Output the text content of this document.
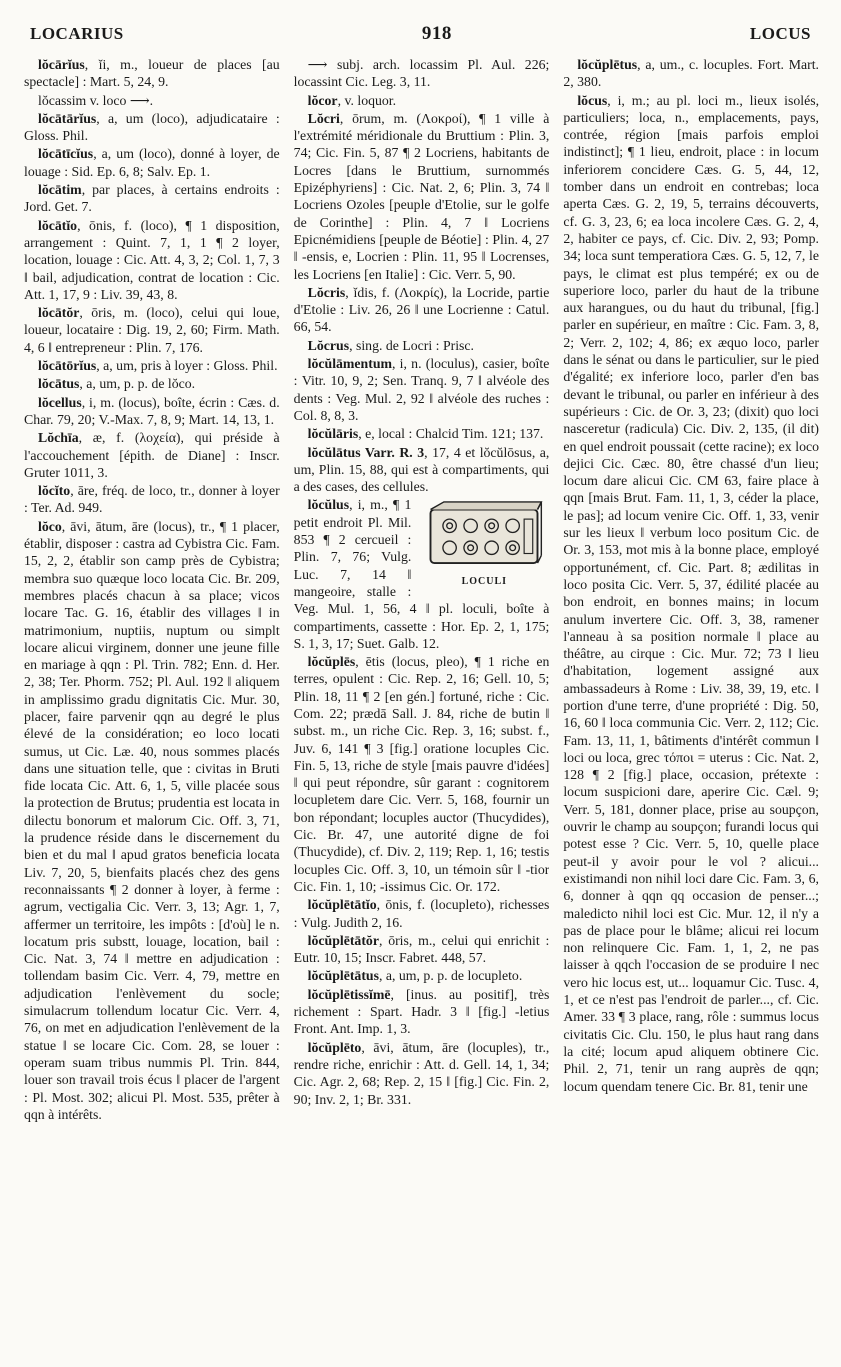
LOCARIUS	918	LOCUS

lŏcārĭus, ĭi, m., loueur de places [au spectacle] : Mart. 5, 24, 9.

lŏcassim v. loco ⟶.

lŏcātārĭus, a, um (loco), adjudicataire : Gloss. Phil.

lŏcātīcĭus, a, um (loco), donné à loyer, de louage : Sid. Ep. 6, 8; Salv. Ep. 1.

lŏcātim, par places, à certains endroits : Jord. Get. 7.

lŏcātĭo, ōnis, f. (loco), ¶ 1 disposition, arrangement : Quint. 7, 1, 1 ¶ 2 loyer, location, louage : Cic. Att. 4, 3, 2; Col. 1, 7, 3 ‖ bail, adjudication, contrat de location : Cic. Att. 1, 17, 9 : Liv. 39, 43, 8.

lŏcātŏr, ōris, m. (loco), celui qui loue, loueur, locataire : Dig. 19, 2, 60; Firm. Math. 4, 6 ‖ entrepreneur : Plin. 7, 176.

lŏcātōrĭus, a, um, pris à loyer : Gloss. Phil.

lŏcātus, a, um, p. p. de lŏco.

lŏcellus, i, m. (locus), boîte, écrin : Cæs. d. Char. 79, 20; V.-Max. 7, 8, 9; Mart. 14, 13, 1.

Lŏchīa, æ, f. (λοχεία), qui préside à l'accouchement [épith. de Diane] : Inscr. Gruter 1011, 3.

lŏcĭto, āre, fréq. de loco, tr., donner à loyer : Ter. Ad. 949.

lŏco, āvi, ātum, āre (locus), tr., ¶ 1 placer, établir, disposer : castra ad Cybistra Cic. Fam. 15, 2, 2, établir son camp près de Cybistra; membra suo quæque loco locata Cic. Br. 209, membres placés chacun à sa place; vicos locare Tac. G. 16, établir des villages ‖ in matrimonium, nuptiis, nuptum ou simplt locare alicui virginem, donner une jeune fille en mariage à qqn : Pl. Trin. 782; Enn. d. Her. 2, 38; Ter. Phorm. 752; Pl. Aul. 192 ‖ aliquem in amplissimo gradu dignitatis Cic. Mur. 30, placer, faire parvenir qqn au degré le plus élevé de la considération; eo loco locati sumus, ut Cic. Læ. 40, nous sommes placés dans une situation telle, que : civitas in Bruti fide locata Cic. Att. 6, 1, 5, ville placée sous la protection de Brutus; prudentia est locata in dilectu bonorum et malorum Cic. Off. 3, 71, la prudence réside dans le discernement du bien et du mal ‖ apud gratos beneficia locata Liv. 7, 20, 5, bienfaits placés chez des gens reconnaissants ¶ 2 donner à loyer, à ferme : agrum, vectigalia Cic. Verr. 3, 13; Agr. 1, 7, affermer un territoire, les impôts : [d'où] le n. locatum pris substt, louage, location, bail : Cic. Nat. 3, 74 ‖ mettre en adjudication : tollendam basim Cic. Verr. 4, 79, mettre en adjudication l'enlèvement du socle; simulacrum tollendum locatur Cic. Verr. 4, 76, on met en adjudication l'enlèvement de la statue ‖ se locare Cic. Com. 28, se louer : operam suam tribus nummis Pl. Trin. 844, louer son travail trois écus ‖ placer de l'argent : Pl. Most. 302; alicui Pl. Most. 535, prêter à qqn à intérêts.

⟶ subj. arch. locassim Pl. Aul. 226; locassint Cic. Leg. 3, 11.

lŏcor, v. loquor.

Lŏcri, ōrum, m. (Λοκροί), ¶ 1 ville à l'extrémité méridionale du Bruttium : Plin. 3, 74; Cic. Fin. 5, 87 ¶ 2 Locriens, habitants de Locres [dans le Bruttium, surnommés Epizéphyriens] : Cic. Nat. 2, 6; Plin. 3, 74 ‖ Locriens Ozoles [peuple d'Etolie, sur le golfe de Corinthe] : Plin. 4, 7 ‖ Locriens Epicnémidiens [peuple de Béotie] : Plin. 4, 27 ‖ -ensis, e, Locrien : Plin. 11, 95 ‖ Locrenses, les Locriens [en Italie] : Cic. Verr. 5, 90.

Lŏcris, ĭdis, f. (Λοκρίς), la Locride, partie d'Etolie : Liv. 26, 26 ‖ une Locrienne : Catul. 66, 54.

Lŏcrus, sing. de Locri : Prisc.

lŏcŭlāmentum, i, n. (loculus), casier, boîte : Vitr. 10, 9, 2; Sen. Tranq. 9, 7 ‖ alvéole des dents : Veg. Mul. 2, 92 ‖ alvéole des ruches : Col. 8, 8, 3.

lŏcŭlāris, e, local : Chalcid Tim. 121; 137.

lŏcŭlātus Varr. R. 3, 17, 4 et lŏcŭlōsus, a, um, Plin. 15, 88, qui est à compartiments, qui a des cases, des cellules.

LOCULI

lŏcŭlus, i, m., ¶ 1 petit endroit Pl. Mil. 853 ¶ 2 cercueil : Plin. 7, 76; Vulg. Luc. 7, 14 ‖ mangeoire, stalle : Veg. Mul. 1, 56, 4 ‖ pl. loculi, boîte à compartiments, cassette : Hor. Ep. 2, 1, 175; S. 1, 3, 17; Suet. Galb. 12.

lŏcŭplēs, ētis (locus, pleo), ¶ 1 riche en terres, opulent : Cic. Rep. 2, 16; Gell. 10, 5; Plin. 18, 11 ¶ 2 [en gén.] fortuné, riche : Cic. Com. 22; prædā Sall. J. 84, riche de butin ‖ subst. m., un riche Cic. Rep. 3, 16; subst. f., Juv. 6, 141 ¶ 3 [fig.] oratione locuples Cic. Fin. 5, 13, riche de style [mais pauvre d'idées] ‖ qui peut répondre, sûr garant : cognitorem locupletem dare Cic. Verr. 5, 168, fournir un bon répondant; locuples auctor (Thucydides), Cic. Br. 47, une autorité digne de foi (Thucydide), cf. Div. 2, 119; Rep. 1, 16; testis locuples Cic. Off. 3, 10, un témoin sûr ‖ -tior Cic. Fin. 1, 10; -issimus Cic. Or. 172.

lŏcŭplētātĭo, ōnis, f. (locupleto), richesses : Vulg. Judith 2, 16.

lŏcŭplētātŏr, ōris, m., celui qui enrichit : Eutr. 10, 15; Inscr. Fabret. 448, 57.

lŏcŭplētātus, a, um, p. p. de locupleto.

lŏcŭplētissĭmē, [inus. au positif], très richement : Spart. Hadr. 3 ‖ [fig.] -letius Front. Ant. Imp. 1, 3.

lŏcŭplēto, āvi, ātum, āre (locuples), tr., rendre riche, enrichir : Att. d. Gell. 14, 1, 34; Cic. Agr. 2, 68; Rep. 2, 15 ‖ [fig.] Cic. Fin. 2, 90; Inv. 2, 1; Br. 331.

lŏcŭplētus, a, um., c. locuples. Fort. Mart. 2, 380.

lŏcus, i, m.; au pl. loci m., lieux isolés, particuliers; loca, n., emplacements, pays, contrée, région [mais parfois emploi indistinct]; ¶ 1 lieu, endroit, place : in locum inferiorem concidere Cæs. G. 5, 44, 12, tomber dans un endroit en contrebas; loca aperta Cæs. G. 2, 19, 5, terrains découverts, cf. G. 3, 23, 6; ea loca incolere Cæs. G. 2, 4, 2, habiter ce pays, cf. Cic. Div. 2, 93; Pomp. 34; loca sunt temperatiora Cæs. G. 5, 12, 7, le pays, le climat est plus tempéré; ex ou de superiore loco, parler du haut de la tribune aux harangues, ou du haut du tribunal, [fig.] parler en supérieur, en maître : Cic. Fam. 3, 8, 2; Verr. 2, 102; 4, 86; ex æquo loco, parler dans le sénat ou dans le particulier, sur le pied d'égalité; ex inferiore loco, parler d'en bas devant le tribunal, ou parler en inférieur à des supérieurs : Cic. de Or. 3, 23; (dixit) quo loci nasceretur (radicula) Cic. Div. 2, 135, (il dit) en quel endroit poussait (cette racine); ex loco dejici Cic. Cæc. 80, être chassé d'un lieu; locum dare alicui Cic. CM 63, faire place à qqn [mais Brut. Fam. 11, 1, 3, céder la place, le pas]; ad locum venire Cic. Off. 1, 33, venir sur les lieux ‖ verbum loco positum Cic. de Or. 3, 153, mot mis à la bonne place, employé opportunément, cf. Cic. Part. 8; ædilitas in loco posita Cic. Verr. 5, 37, édilité placée au bon endroit, en bonnes mains; in locum anulum invertere Cic. Off. 3, 38, ramener l'anneau à sa position normale ‖ place au théâtre, au cirque : Cic. Mur. 72; 73 ‖ lieu d'habitation, logement assigné aux ambassadeurs à Rome : Liv. 38, 39, 19, etc. ‖ portion d'une terre, d'une propriété : Dig. 50, 16, 60 ‖ loca communia Cic. Verr. 2, 112; Cic. Fam. 13, 11, 1, bâtiments d'intérêt commun ‖ loci ou loca, grec τόποι = uterus : Cic. Nat. 2, 128 ¶ 2 [fig.] place, occasion, prétexte : locum suspicioni dare, aperire Cic. Cæl. 9; Verr. 5, 181, donner place, prise au soupçon, ouvrir le champ au soupçon; furandi locus qui potest esse ? Cic. Verr. 5, 10, quelle place peut-il y avoir pour le vol ? alicui... existimandi non nihil loci dare Cic. Fam. 3, 6, 6, donner à qqn qq occasion de penser...; maledicto nihil loci est Cic. Mur. 12, il n'y a pas de place pour le blâme; alicui rei locum non relinquere Cic. Fam. 1, 1, 2, ne pas laisser à qqch l'occasion de se produire ‖ nec vero hic locus est, ut... loquamur Cic. Tusc. 4, 1, et ce n'est pas l'endroit de parler..., cf. Cic. Amer. 33 ¶ 3 place, rang, rôle : summus locus civitatis Cic. Clu. 150, le plus haut rang dans la cité; locum apud aliquem obtinere Cic. Phil. 2, 71, tenir un rang auprès de qqn; locum quendam tenere Cic. Br. 81, tenir une
